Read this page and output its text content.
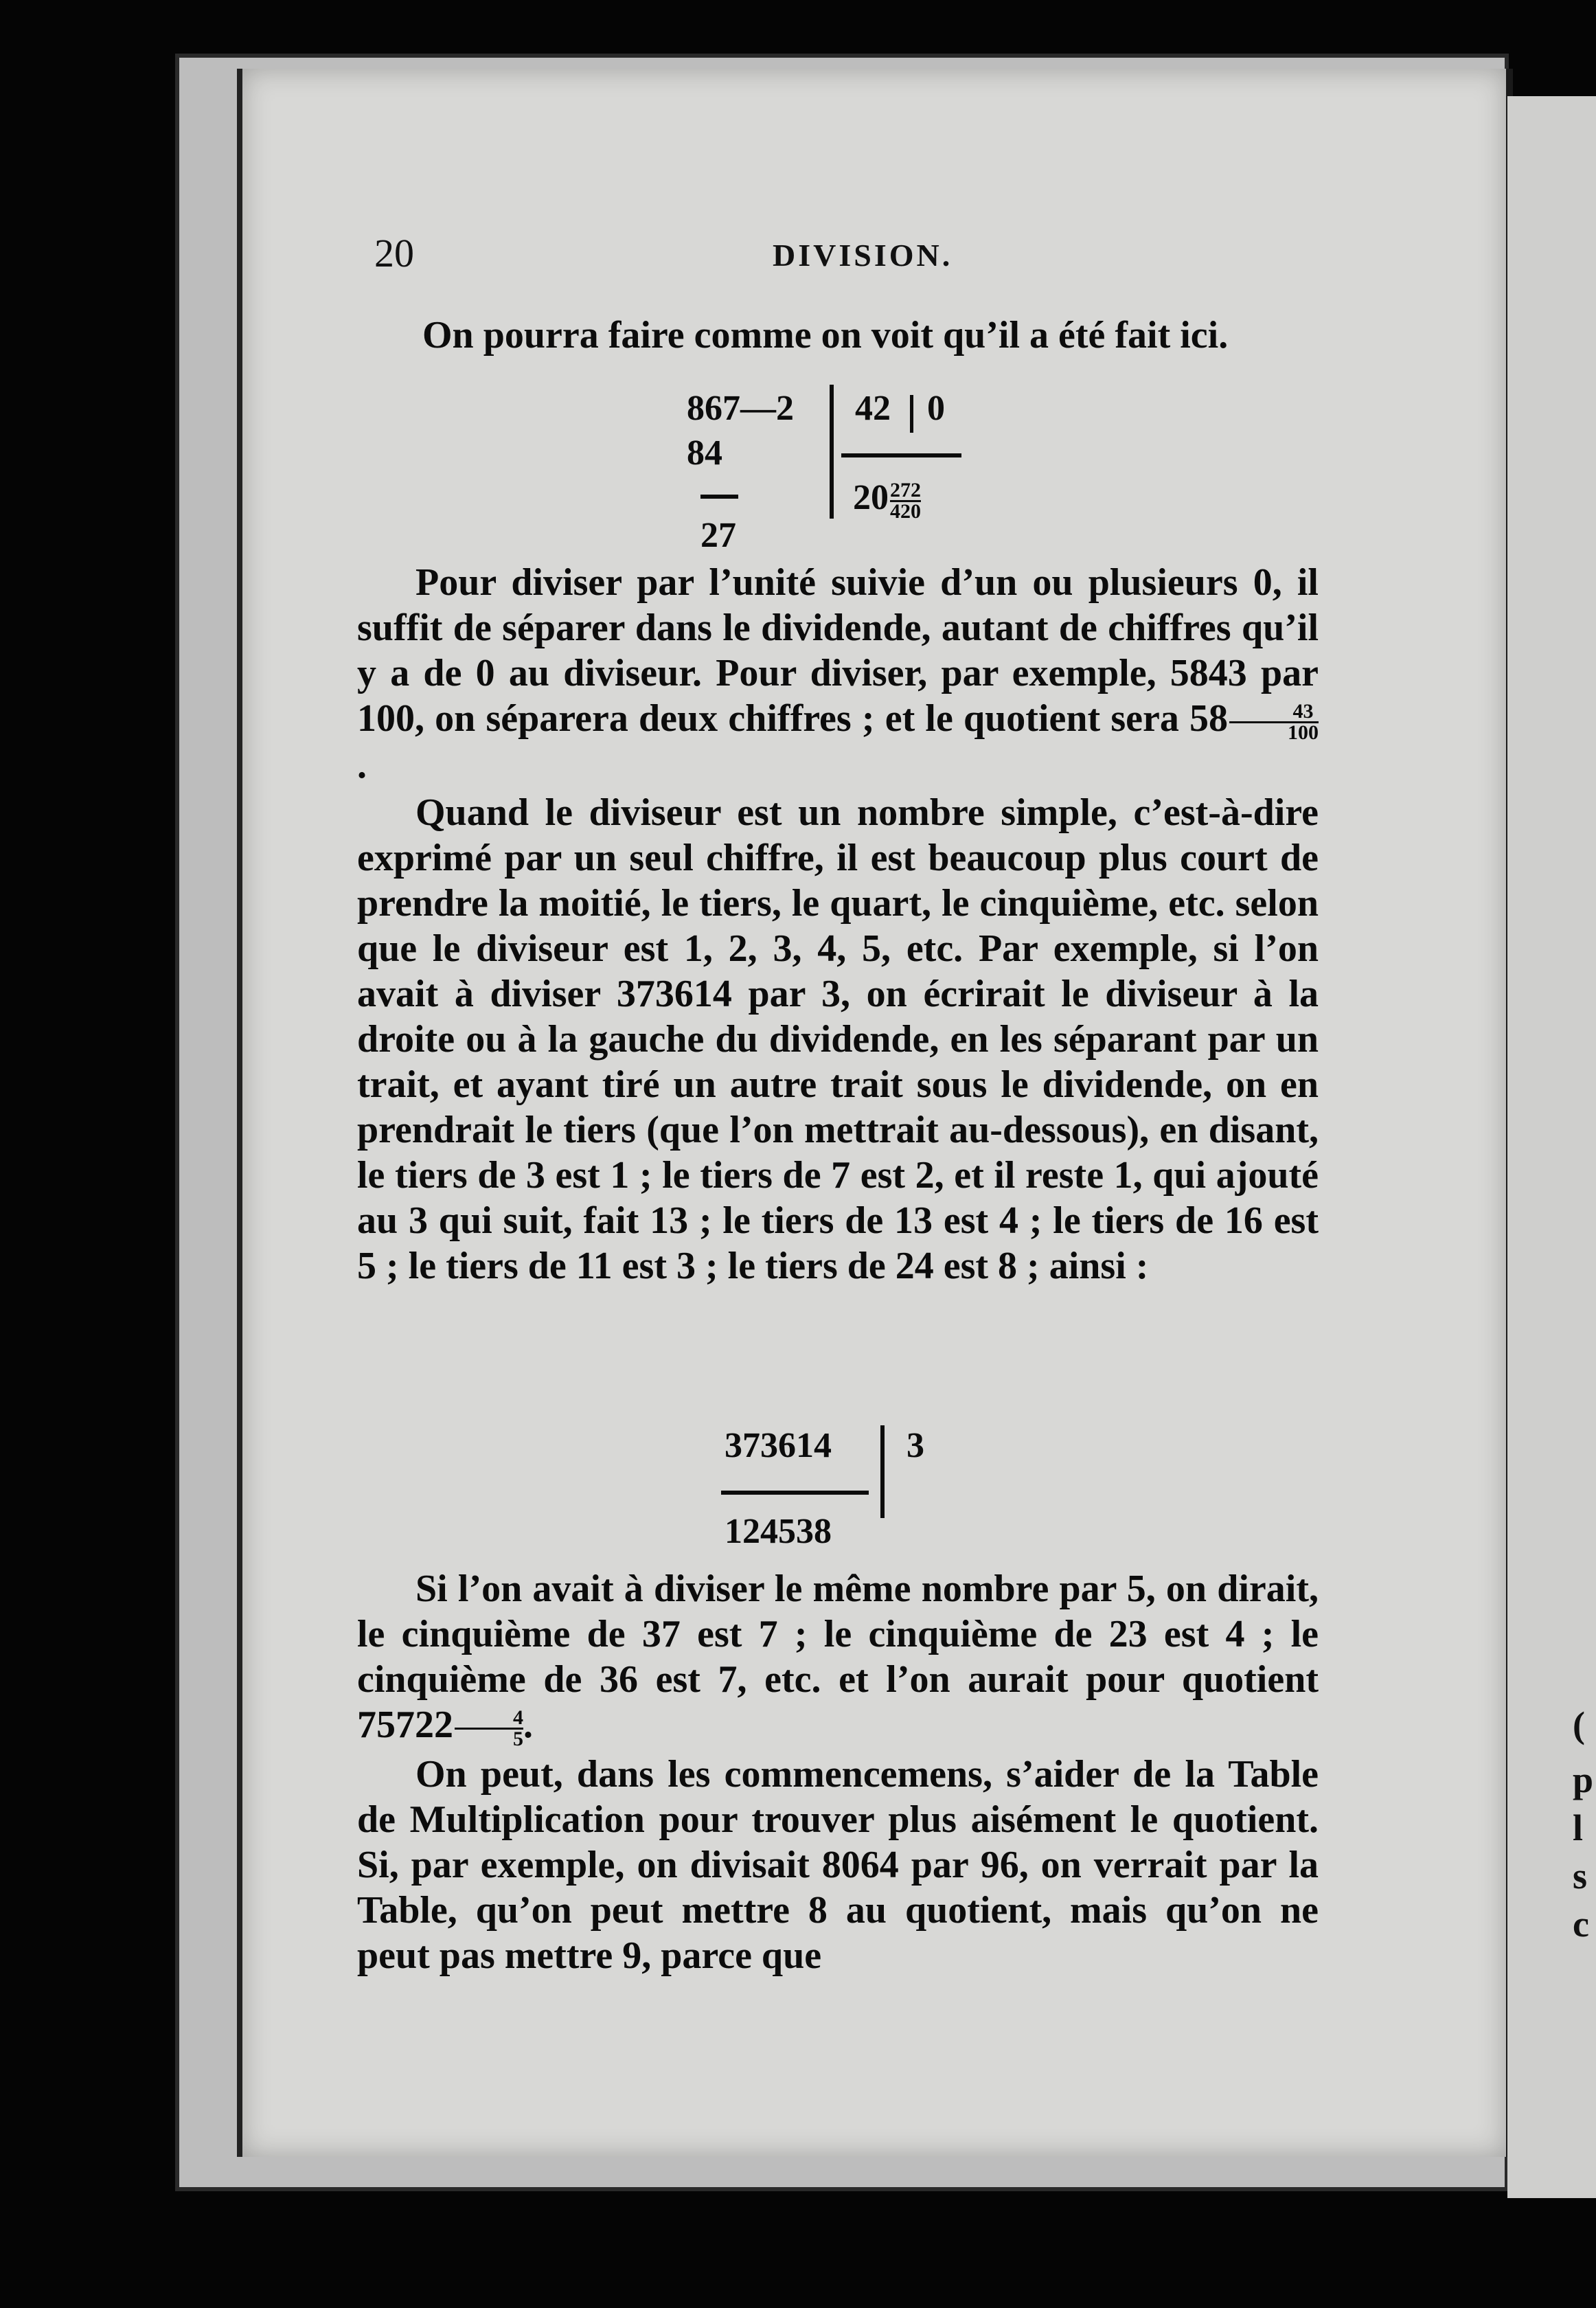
(
p
l
s
c
20	DIVISION.

On pourra faire comme on voit qu’il a été fait ici.

867—2
84
27
42 0
$20 \frac{272}{420}$

Pour diviser par l’unité suivie d’un ou plusieurs 0, il suffit de séparer dans le dividende, autant de chiffres qu’il y a de 0 au diviseur. Pour diviser, par exemple, 5843 par 100, on séparera deux chiffres ; et le quotient sera $58 \frac{43}{100}$
.

Quand le diviseur est un nombre simple, c’est-à-dire exprimé par un seul chiffre, il est beaucoup plus court de prendre la moitié, le tiers, le quart, le cinquième, etc. selon que le diviseur est 1, 2, 3, 4, 5, etc. Par exemple, si l’on avait à diviser 373614 par 3, on écrirait le diviseur à la droite ou à la gauche du dividende, en les séparant par un trait, et ayant tiré un autre trait sous le dividende, on en prendrait le tiers (que l’on mettrait au-dessous), en disant, le tiers de 3 est 1 ; le tiers de 7 est 2, et il reste 1, qui ajouté au 3 qui suit, fait 13 ; le tiers de 13 est 4 ; le tiers de 16 est 5 ; le tiers de 11 est 3 ; le tiers de 24 est 8 ; ainsi :

373614 3
124538

Si l’on avait à diviser le même nombre par 5, on dirait, le cinquième de 37 est 7 ; le cinquième de 23 est 4 ; le cinquième de 36 est 7, etc. et l’on aurait pour quotient $75722 \frac{4}{5}$ .

On peut, dans les commencemens, s’aider de la Table de Multiplication pour trouver plus aisément le quotient. Si, par exemple, on divisait 8064 par 96, on verrait par la Table, qu’on peut mettre 8 au quotient, mais qu’on ne peut pas mettre 9, parce que
